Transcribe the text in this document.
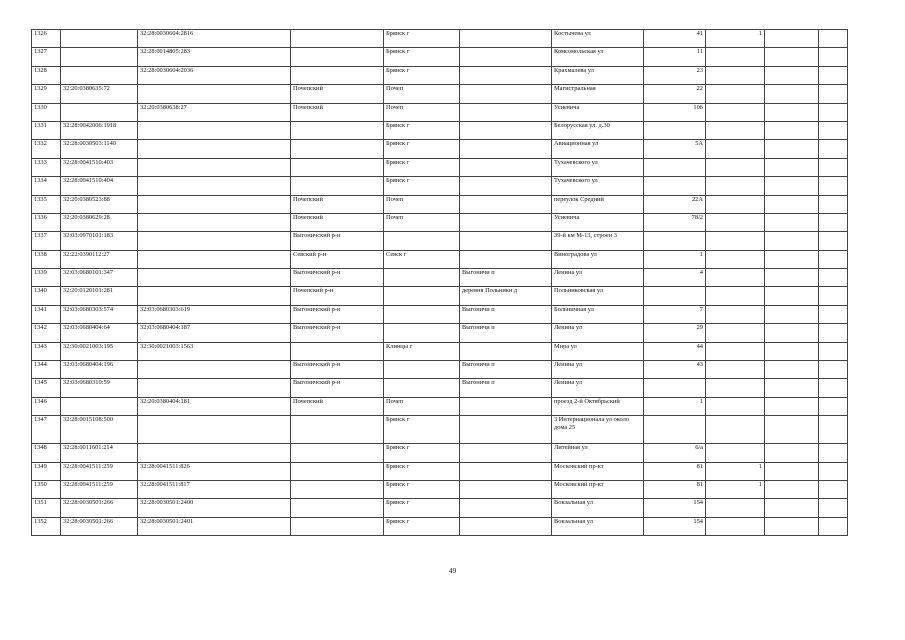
1326		32:28:0030604:2816		Брянск г		Костычева ул	41	1		
1327		32:28:0014805:283		Брянск г		Комсомольская ул	11			
1328		32:28:0030604:2036		Брянск г		Крахмалева ул	23			
1329	32:20:0380635:72		Почепский	Почеп		Магистральная	22			
1330		32:20:0380638:27	Почепский	Почеп		Усиевича	106			
1331	32:28:0042006:1918			Брянск г		Белорусская ул. д.30				
1332	32:28:0030503:1140			Брянск г		Авиационная ул	5А			
1333	32:28:0041510:403			Брянск г		Тухачевского ул				
1334	32:28:0041510:404			Брянск г		Тухачевского ул				
1335	32:20:0380523:88		Почепский	Почеп		переулок Средний	22А			
1336	32:20:0380629:28		Почепский	Почеп		Усиевича	78/2			
1337	32:03:0970101:183		Выгоничский р-н			39-й км М-13, строен 3				
1338	32:22:0390112:27		Севский р-н	Севск г		Виноградова ул	1			
1339	32:03:0680101:347		Выгоничский р-н		Выгоничи п	Ленина ул	4			
1340	32:20:0120101:281		Почепский р-н		деревня Польники д	Польниковская ул				
1341	32:03:0680303:574	32:03:0680303:619	Выгоничский р-н		Выгоничи п	Больничная ул	7			
1342	32:03:0680404:64	32:03:0680404:187	Выгоничский р-н		Выгоничи п	Ленина ул	29			
1343	32:30:0021003:195	32:30:0021003:1563		Клинцы г		Мира ул	44			
1344	32:03:0680404:196		Выгоничский р-н		Выгоничи п	Ленина ул	43			
1345	32:03:0680310:59		Выгоничский р-н		Выгоничи п	Ленина ул				
1346		32:20:0380404:181	Почепский	Почеп		проезд 2-й Октябрьский	1			
1347	32:28:0015108:500			Брянск г		3 Интернационала ул около дома 25				
1348	32:28:0011601:214			Брянск г		Литейная ул	6/а			
1349	32:28:0041511:259	32:28:0041511:826		Брянск г		Московский пр-кт	81	1		
1350	32:28:0041511:259	32:28:0041511:817		Брянск г		Московский пр-кт	81	1		
1351	32:28:0030501:266	32:28:0030501:2400		Брянск г		Вокзальная ул	154			
1352	32:28:0030501:266	32:28:0030501:2401		Брянск г		Вокзальная ул	154			
49
